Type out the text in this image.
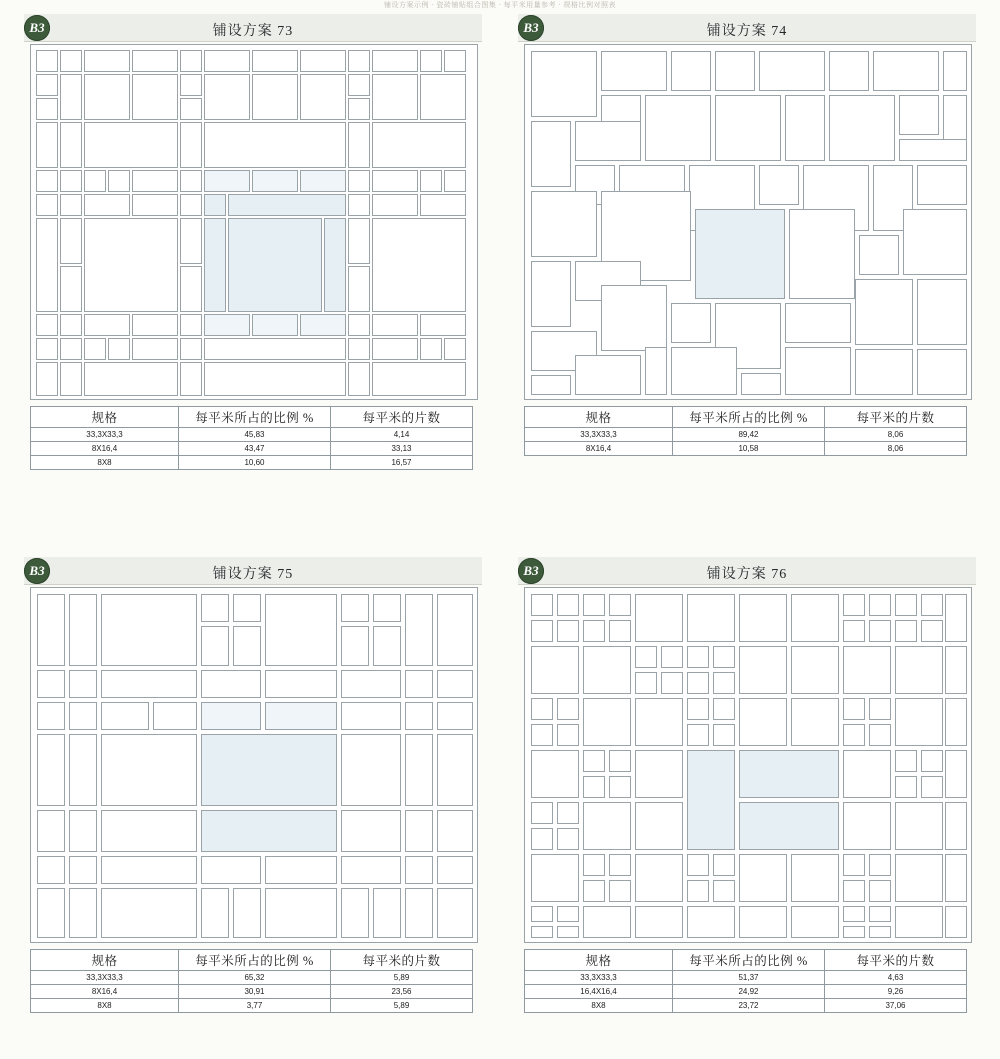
铺设方案示例 · 瓷砖铺贴组合图集 · 每平米用量参考 · 规格比例对照表
B3	铺设方案 73
规格	每平米所占的比例 %	每平米的片数
33,3X33,3	45,83	4,14
8X16,4	43,47	33,13
8X8	10,60	16,57
B3	铺设方案 74
规格	每平米所占的比例 %	每平米的片数
33,3X33,3	89,42	8,06
8X16,4	10,58	8,06
B3	铺设方案 75
规格	每平米所占的比例 %	每平米的片数
33,3X33,3	65,32	5,89
8X16,4	30,91	23,56
8X8	3,77	5,89
B3	铺设方案 76
规格	每平米所占的比例 %	每平米的片数
33,3X33,3	51,37	4,63
16,4X16,4	24,92	9,26
8X8	23,72	37,06
